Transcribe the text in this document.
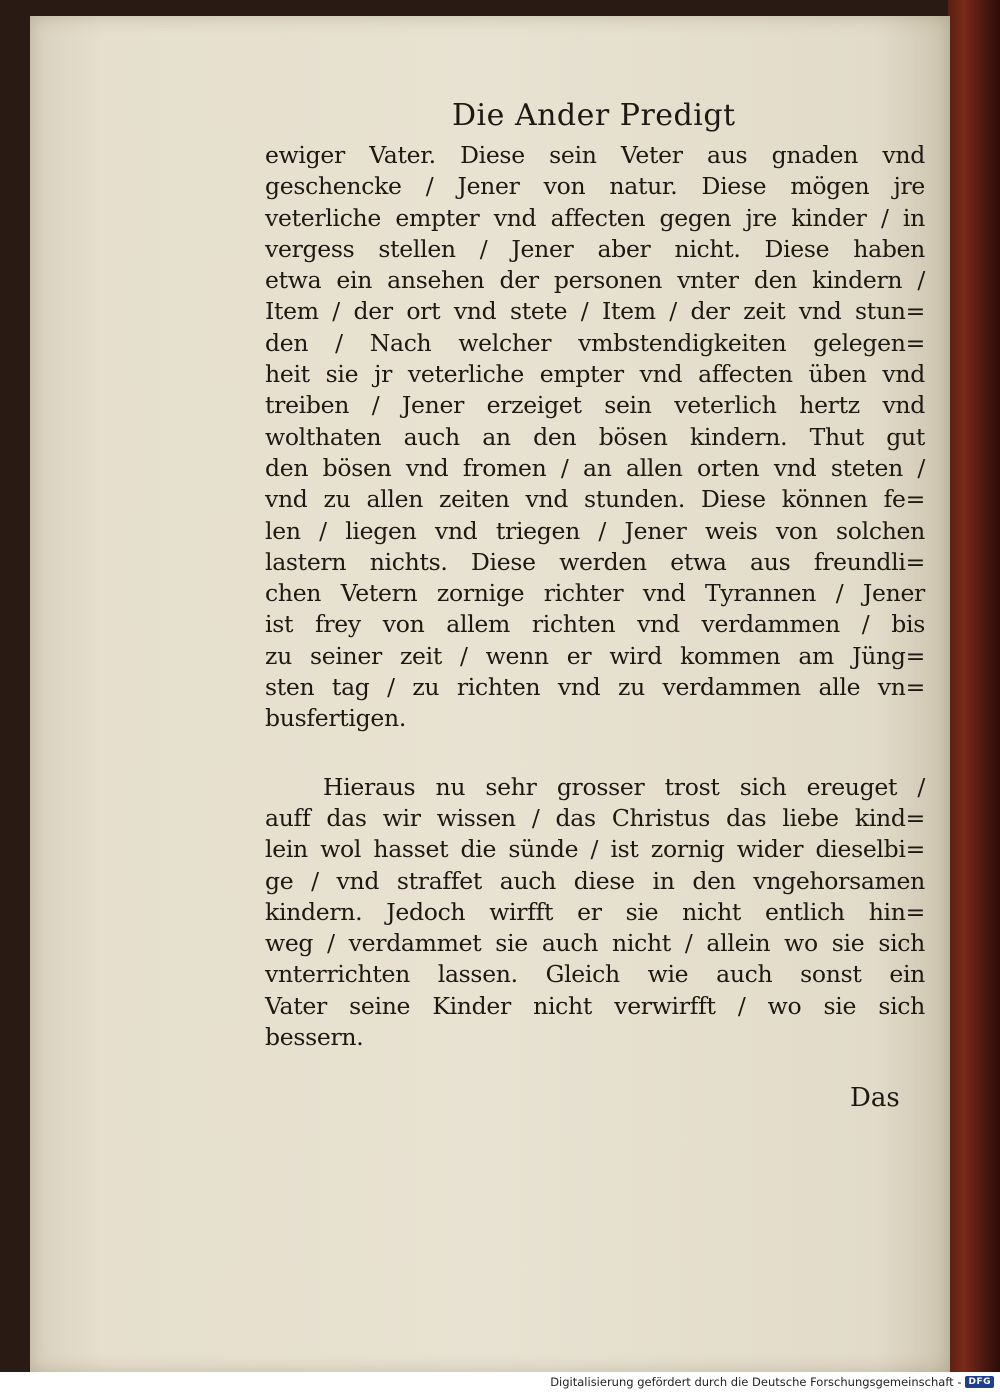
Die Ander Predigt
ewiger Vater. Diese sein Veter aus gnaden vnd
geschencke / Jener von natur. Diese mögen jre
veterliche empter vnd affecten gegen jre kinder / in
vergess stellen / Jener aber nicht. Diese haben
etwa ein ansehen der personen vnter den kindern /
Item / der ort vnd stete / Item / der zeit vnd stun=
den / Nach welcher vmbstendigkeiten gelegen=
heit sie jr veterliche empter vnd affecten üben vnd
treiben / Jener erzeiget sein veterlich hertz vnd
wolthaten auch an den bösen kindern. Thut gut
den bösen vnd fromen / an allen orten vnd steten /
vnd zu allen zeiten vnd stunden. Diese können fe=
len / liegen vnd triegen / Jener weis von solchen
lastern nichts. Diese werden etwa aus freundli=
chen Vetern zornige richter vnd Tyrannen / Jener
ist frey von allem richten vnd verdammen / bis
zu seiner zeit / wenn er wird kommen am Jüng=
sten tag / zu richten vnd zu verdammen alle vn=
busfertigen.
Hieraus nu sehr grosser trost sich ereuget /
auff das wir wissen / das Christus das liebe kind=
lein wol hasset die sünde / ist zornig wider dieselbi=
ge / vnd straffet auch diese in den vngehorsamen
kindern. Jedoch wirfft er sie nicht entlich hin=
weg / verdammet sie auch nicht / allein wo sie sich
vnterrichten lassen. Gleich wie auch sonst ein
Vater seine Kinder nicht verwirfft / wo sie sich
bessern.
Das
Digitalisierung gefördert durch die Deutsche Forschungsgemeinschaft - DFG
